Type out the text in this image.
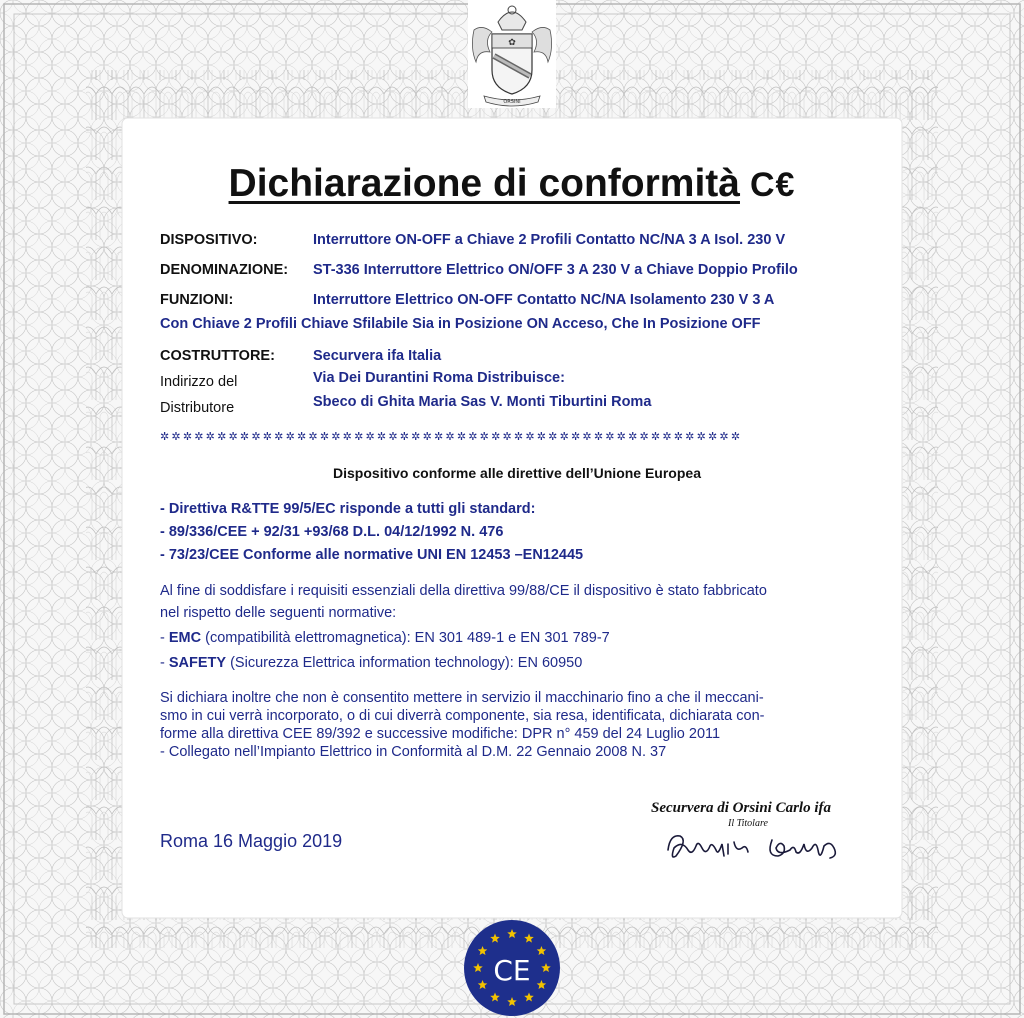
✿
ORSINI
Dichiarazione di conformità C€
DISPOSITIVO:	Interruttore ON-OFF a Chiave 2 Profili Contatto NC/NA 3 A Isol. 230 V
DENOMINAZIONE: ST-336 Interruttore Elettrico ON/OFF 3 A 230 V a Chiave Doppio Profilo
FUNZIONI:	Interruttore Elettrico ON-OFF Contatto NC/NA Isolamento 230 V 3 A
Con Chiave 2 Profili Chiave Sfilabile Sia in Posizione ON Acceso, Che In Posizione OFF
COSTRUTTORE:	Securvera ifa Italia
Indirizzo del	Via Dei Durantini Roma Distribuisce:
Distributore	Sbeco di Ghita Maria Sas V. Monti Tiburtini Roma
✲✲✲✲✲✲✲✲✲✲✲✲✲✲✲✲✲✲✲✲✲✲✲✲✲✲✲✲✲✲✲✲✲✲✲✲✲✲✲✲✲✲✲✲✲✲✲✲✲✲✲
Dispositivo conforme alle direttive dell’Unione Europea
- Direttiva R&TTE 99/5/EC risponde a tutti gli standard:
- 89/336/CEE + 92/31 +93/68 D.L. 04/12/1992 N. 476
- 73/23/CEE Conforme alle normative UNI EN 12453 –EN12445
Al fine di soddisfare i requisiti essenziali della direttiva 99/88/CE il dispositivo è stato fabbricato
nel rispetto delle seguenti normative:
- EMC (compatibilità elettromagnetica): EN 301 489-1 e EN 301 789-7
- SAFETY (Sicurezza Elettrica information technology): EN 60950
Si dichiara inoltre che non è consentito mettere in servizio il macchinario fino a che il meccani-
smo in cui verrà incorporato, o di cui diverrà componente, sia resa, identificata, dichiarata con-
forme alla direttiva CEE 89/392 e successive modifiche: DPR n° 459 del 24 Luglio 2011
- Collegato nell’Impianto Elettrico in Conformità al D.M. 22 Gennaio 2008 N. 37
Roma 16 Maggio 2019
Securvera di Orsini Carlo ifa
Il Titolare
CE
